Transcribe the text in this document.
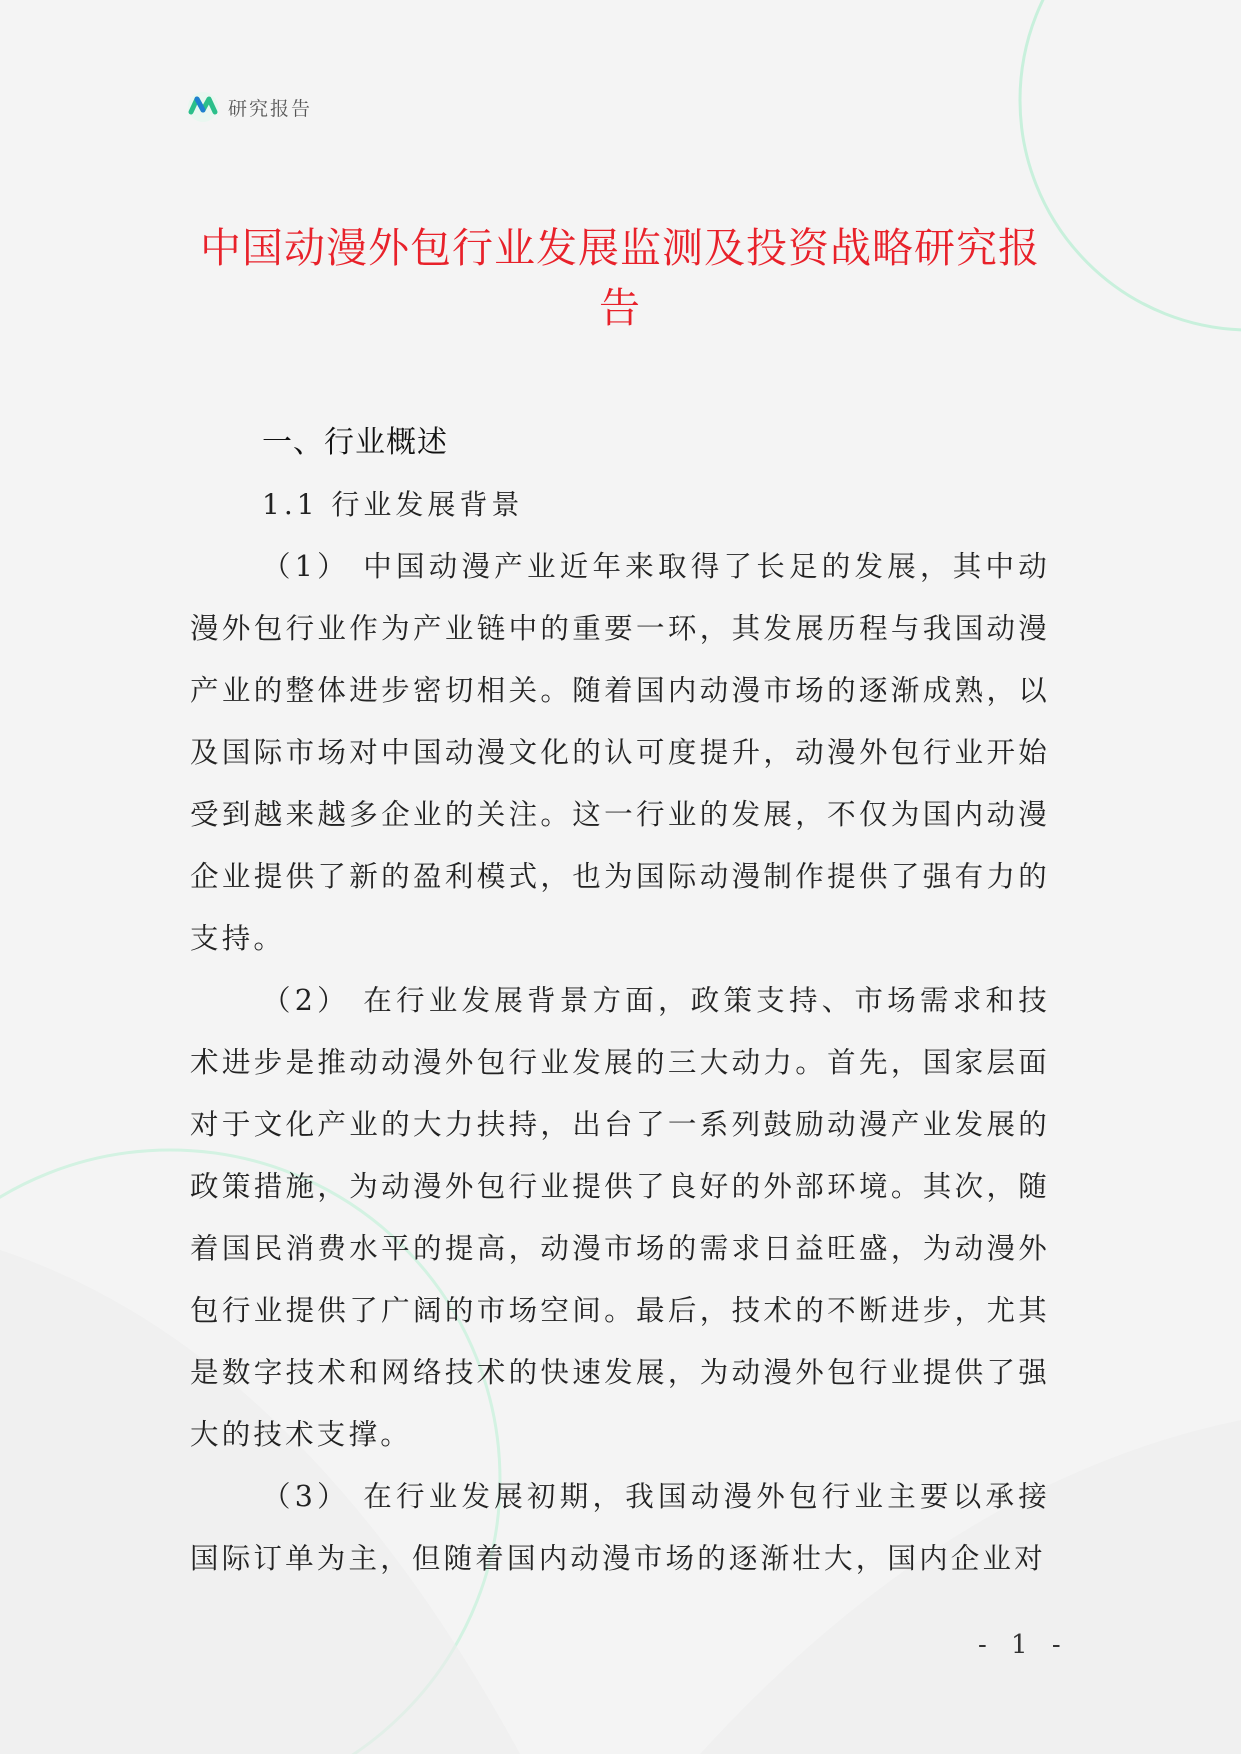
研究报告
中国动漫外包行业发展监测及投资战略研究报告
一、行业概述
1.1 行业发展背景

（1） 中国动漫产业近年来取得了长足的发展，其中动漫外包行业作为产业链中的重要一环，其发展历程与我国动漫产业的整体进步密切相关。随着国内动漫市场的逐渐成熟，以及国际市场对中国动漫文化的认可度提升，动漫外包行业开始受到越来越多企业的关注。这一行业的发展，不仅为国内动漫企业提供了新的盈利模式，也为国际动漫制作提供了强有力的支持。

（2） 在行业发展背景方面，政策支持、市场需求和技术进步是推动动漫外包行业发展的三大动力。首先，国家层面对于文化产业的大力扶持，出台了一系列鼓励动漫产业发展的政策措施，为动漫外包行业提供了良好的外部环境。其次，随着国民消费水平的提高，动漫市场的需求日益旺盛，为动漫外包行业提供了广阔的市场空间。最后，技术的不断进步，尤其是数字技术和网络技术的快速发展，为动漫外包行业提供了强大的技术支撑。

（3） 在行业发展初期，我国动漫外包行业主要以承接国际订单为主，但随着国内动漫市场的逐渐壮大，国内企业对

- 1 -
